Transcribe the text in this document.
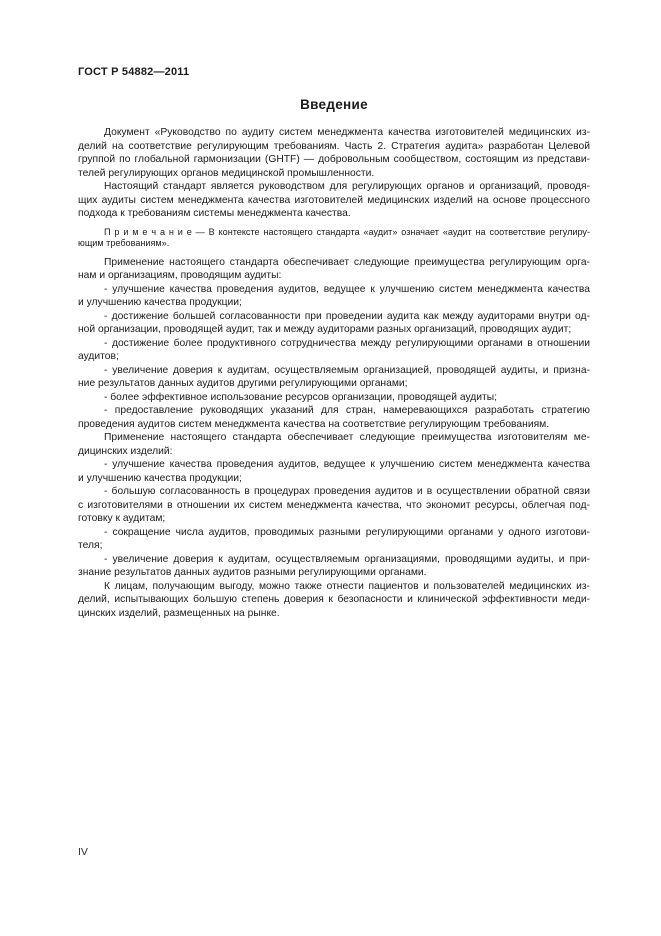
ГОСТ Р 54882—2011
Введение
Документ «Руководство по аудиту систем менеджмента качества изготовителей медицинских из-
делий на соответствие регулирующим требованиям. Часть 2. Стратегия аудита» разработан Целевой
группой по глобальной гармонизации (GHTF) — добровольным сообществом, состоящим из представи-
телей регулирующих органов медицинской промышленности.
Настоящий стандарт является руководством для регулирующих органов и организаций, проводя-
щих аудиты систем менеджмента качества изготовителей медицинских изделий на основе процессного
подхода к требованиям системы менеджмента качества.
П р и м е ч а н и е — В контексте настоящего стандарта «аудит» означает «аудит на соответствие регулиру-
ющим требованиям».
Применение настоящего стандарта обеспечивает следующие преимущества регулирующим орга-
нам и организациям, проводящим аудиты:
- улучшение качества проведения аудитов, ведущее к улучшению систем менеджмента качества
и улучшению качества продукции;
- достижение большей согласованности при проведении аудита как между аудиторами внутри од-
ной организации, проводящей аудит, так и между аудиторами разных организаций, проводящих аудит;
- достижение более продуктивного сотрудничества между регулирующими органами в отношении
аудитов;
- увеличение доверия к аудитам, осуществляемым организацией, проводящей аудиты, и призна-
ние результатов данных аудитов другими регулирующими органами;
- более эффективное использование ресурсов организации, проводящей аудиты;
- предоставление руководящих указаний для стран, намеревающихся разработать стратегию
проведения аудитов систем менеджмента качества на соответствие регулирующим требованиям.
Применение настоящего стандарта обеспечивает следующие преимущества изготовителям ме-
дицинских изделий:
- улучшение качества проведения аудитов, ведущее к улучшению систем менеджмента качества
и улучшению качества продукции;
- большую согласованность в процедурах проведения аудитов и в осуществлении обратной связи
с изготовителями в отношении их систем менеджмента качества, что экономит ресурсы, облегчая под-
готовку к аудитам;
- сокращение числа аудитов, проводимых разными регулирующими органами у одного изготови-
теля;
- увеличение доверия к аудитам, осуществляемым организациями, проводящими аудиты, и при-
знание результатов данных аудитов разными регулирующими органами.
К лицам, получающим выгоду, можно также отнести пациентов и пользователей медицинских из-
делий, испытывающих большую степень доверия к безопасности и клинической эффективности меди-
цинских изделий, размещенных на рынке.
IV
